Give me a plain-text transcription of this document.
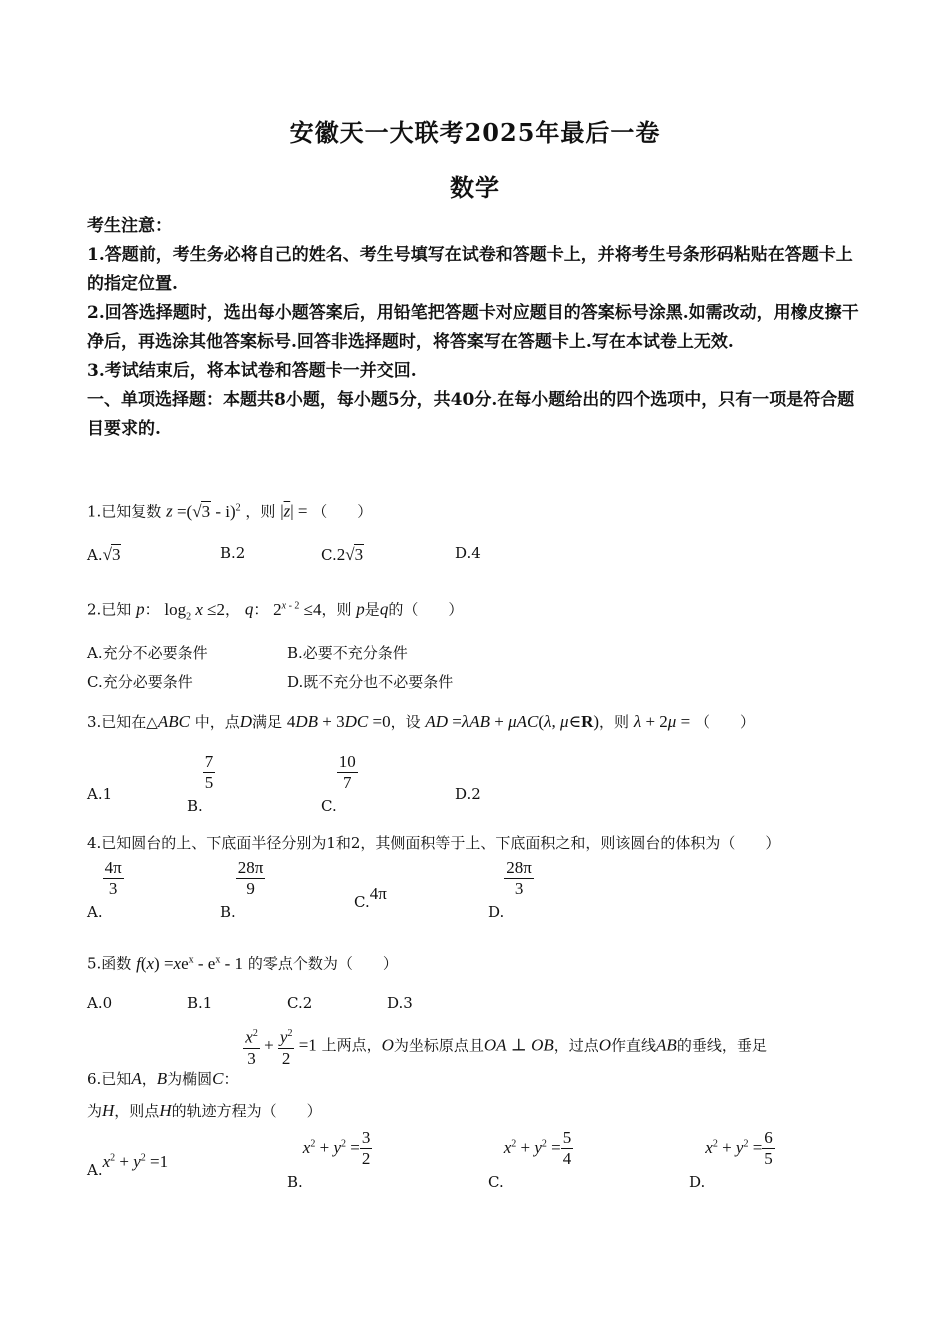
安徽天一大联考2025年最后一卷
数学
考生注意：
1.答题前，考生务必将自己的姓名、考生号填写在试卷和答题卡上，并将考生号条形码粘贴在答题卡上的指定位置.
2.回答选择题时，选出每小题答案后，用铅笔把答题卡对应题目的答案标号涂黑.如需改动，用橡皮擦干净后，再选涂其他答案标号.回答非选择题时，将答案写在答题卡上.写在本试卷上无效.
3.考试结束后，将本试卷和答题卡一并交回.
一、单项选择题：本题共8小题，每小题5分，共40分.在每小题给出的四个选项中，只有一项是符合题目要求的.
1.已知复数 z =(√3 - i)$^2$ ，则 $|\overline{z}|$ = （　　）
A.√3	B.2	C.2√3	D.4
2.已知 p： $\log_2 x \le 2$， q： $2^{x - 2} \le 4$，则 p是q的（　　）
A.充分不必要条件	B.必要不充分条件
C.充分必要条件	D.既不充分也不必要条件
3.已知在△ABC 中，点D满足 4DB + 3DC =0，设 AD =λAB + μAC(λ, μ∈R)，则 λ + 2μ = （　　）
A.1
B.
$\frac{7}{5}$
C.
$\frac{10}{7}$
D.2
4.已知圆台的上、下底面半径分别为1和2，其侧面积等于上、下底面积之和，则该圆台的体积为（　　）
A.
$\frac{4\pi}{3}$
B.
$\frac{28\pi}{9}$
C.4π
D.
$\frac{28\pi}{3}$
5.函数 $f(x) =xe^x - e^x - 1$ 的零点个数为（　　）
A.0	B.1	C.2	D.3
6.已知A，B为椭圆C：
$\frac{x^2}{3} + \frac{y^2}{2} =1$ 上两点，O为坐标原点且OA ⊥ OB，过点O作直线AB的垂线，垂足
为H，则点H的轨迹方程为（　　）
$A.x^2 + y^2 =1$
$B.x^2 + y^2 = \frac{3}{2}$
$C.x^2 + y^2 = \frac{5}{4}$
$D.x^2 + y^2 = \frac{6}{5}$
